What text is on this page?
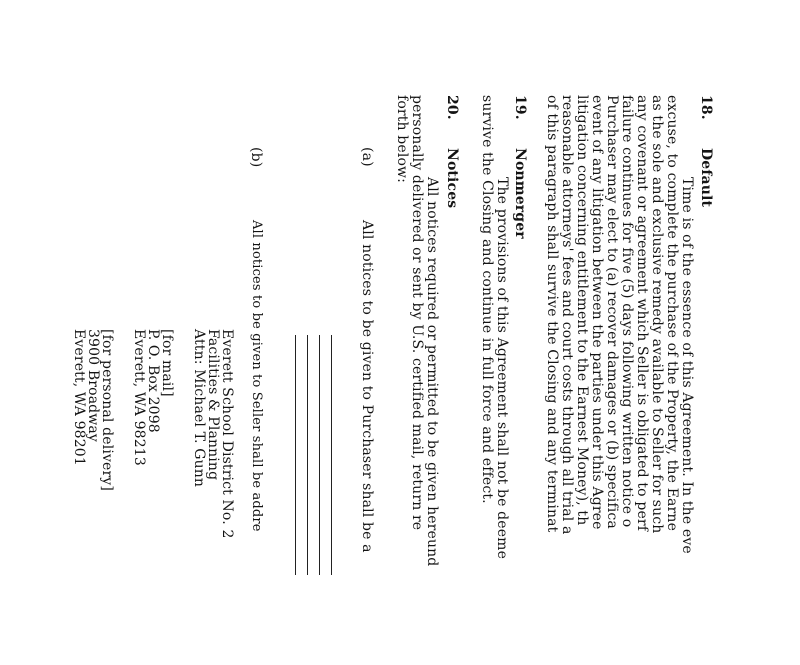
18.
Default
Time is of the essence of this Agreement. In the eve
excuse, to complete the purchase of the Property, the Earne
as the sole and exclusive remedy available to Seller for such
any covenant or agreement which Seller is obligated to perf
failure continues for five (5) days following written notice o
Purchaser may elect to (a) recover damages or (b) specifica
event of any litigation between the parties under this Agree
litigation concerning entitlement to the Earnest Money), th
reasonable attorneys' fees and court costs through all trial a
of this paragraph shall survive the Closing and any terminat
19.
Nonmerger
The provisions of this Agreement shall not be deeme
survive the Closing and continue in full force and effect.
20.
Notices
All notices required or permitted to be given hereund
personally delivered or sent by U.S. certified mail, return re
forth below:
(a)
All notices to be given to Purchaser shall be a
(b)
All notices to be given to Seller shall be addre
Everett School District No. 2
Facilities & Planning
Attn: Michael T. Gunn
[for mail]
P. O. Box 2098
Everett, WA 98213
[for personal delivery]
3900 Broadway
Everett, WA 98201
